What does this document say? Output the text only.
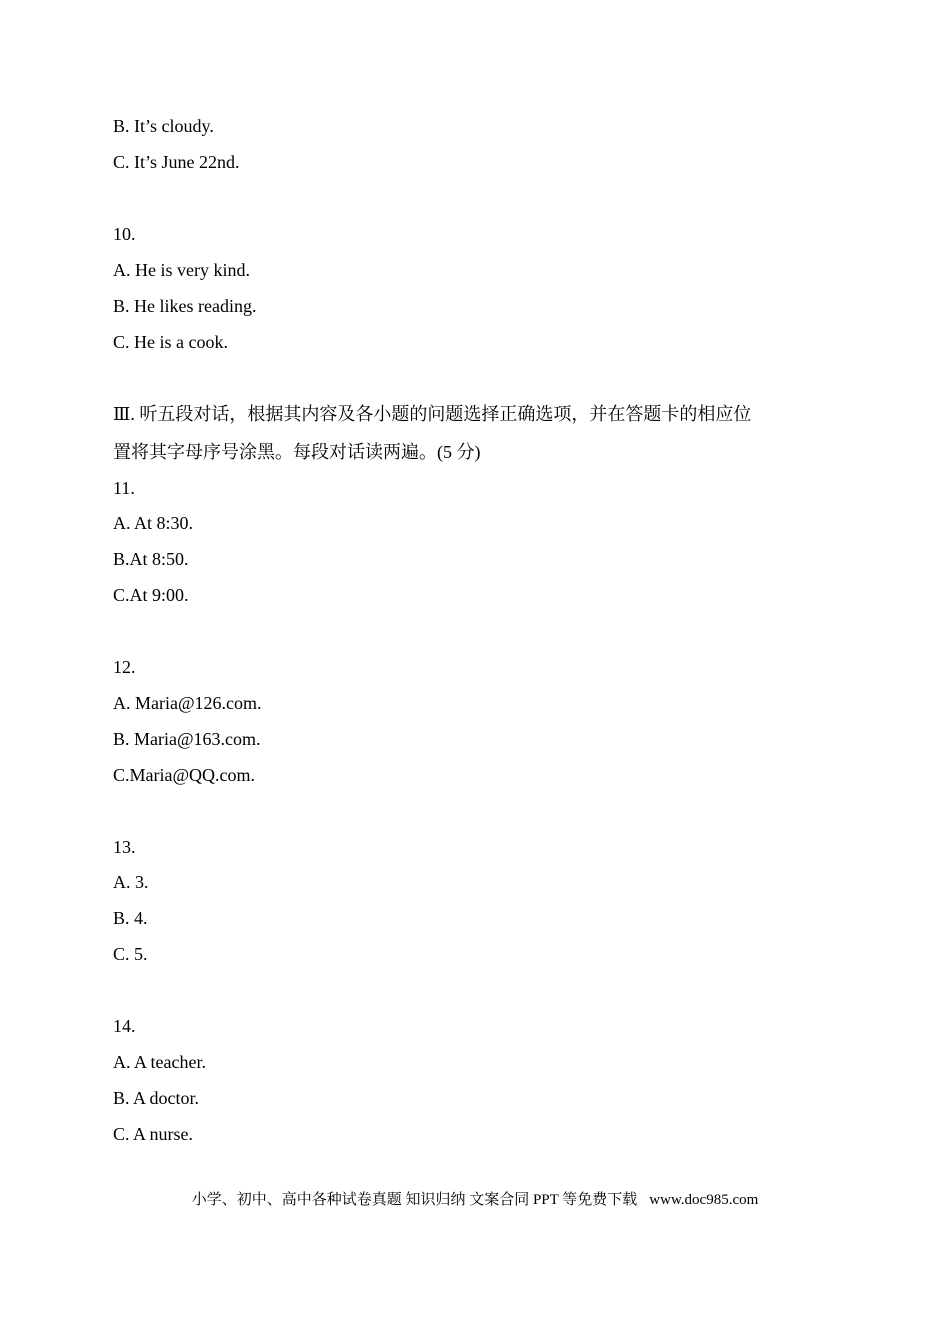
B. It’s cloudy.
C. It’s June 22nd.
10.
A. He is very kind.
B. He likes reading.
C. He is a cook.
Ⅲ. 听五段对话，根据其内容及各小题的问题选择正确选项，并在答题卡的相应位
置将其字母序号涂黑。每段对话读两遍。(5 分)
11.
A. At 8:30.
B.At 8:50.
C.At 9:00.
12.
A. Maria@126.com.
B. Maria@163.com.
C.Maria@QQ.com.
13.
A. 3.
B. 4.
C. 5.
14.
A. A teacher.
B. A doctor.
C. A nurse.
小学、初中、高中各种试卷真题 知识归纳 文案合同 PPT 等免费下载 www.doc985.com
